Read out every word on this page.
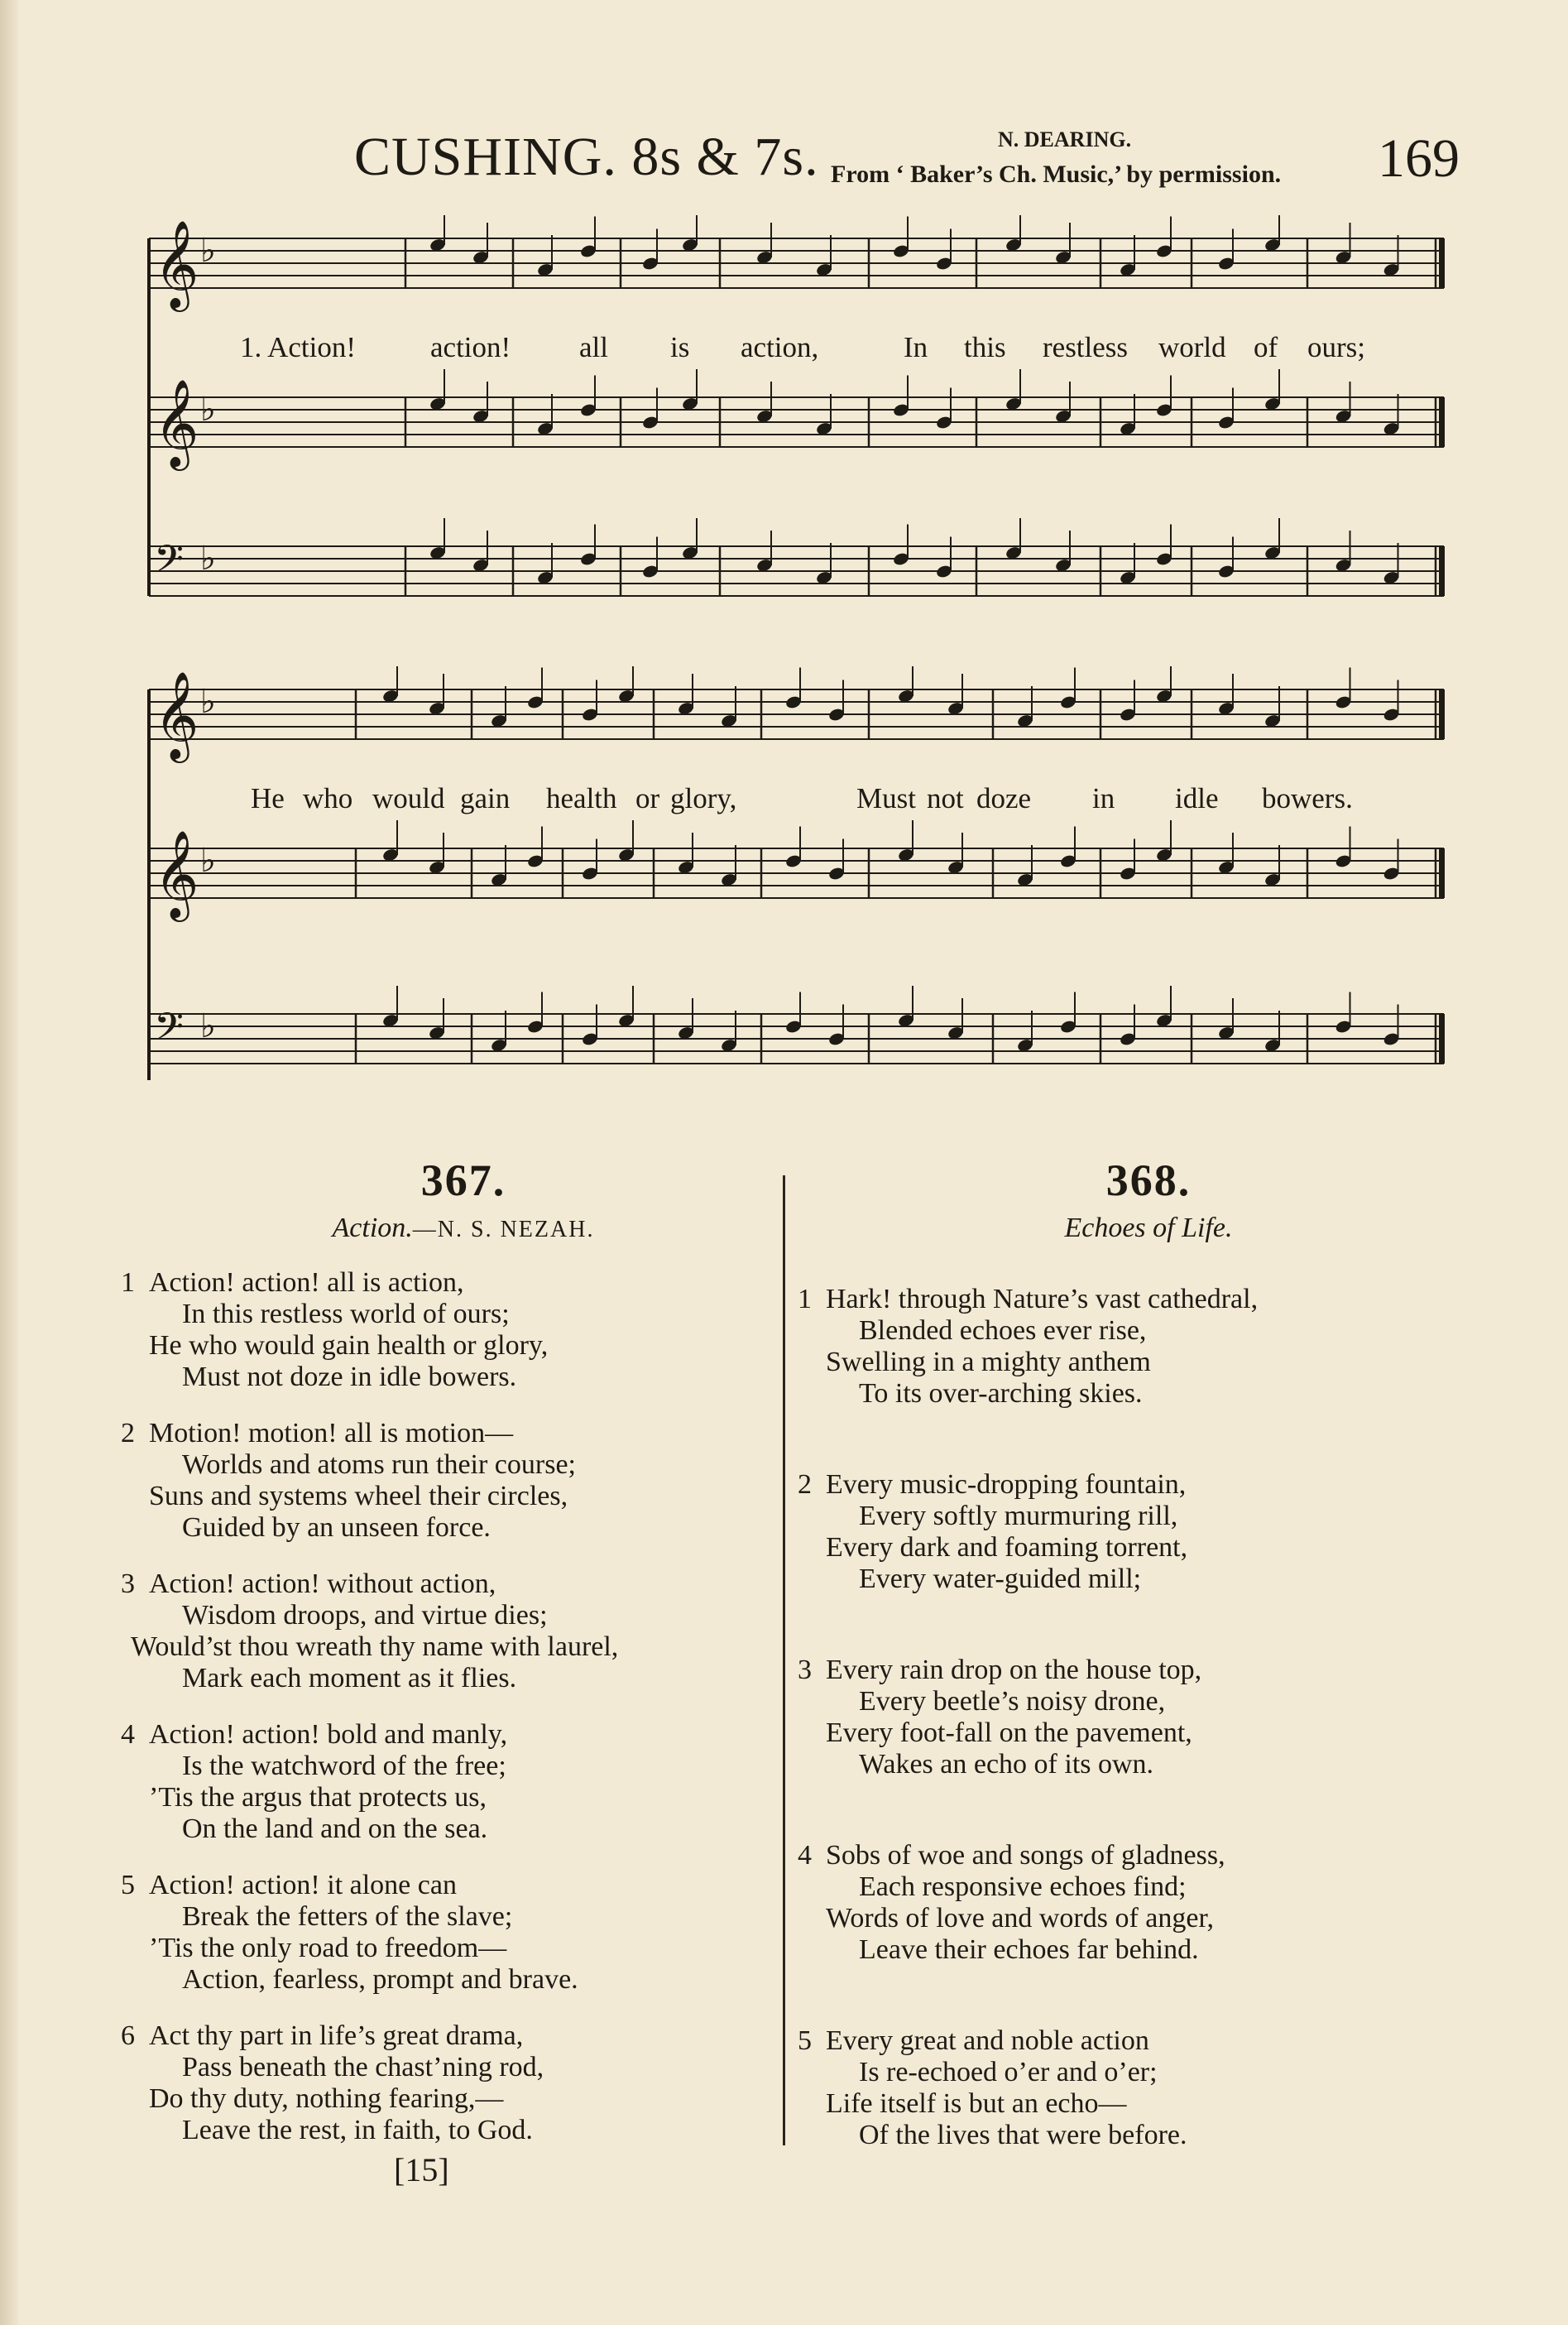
CUSHING. 8s & 7s.	N. DEARING.
From ‘ Baker’s Ch. Music,’ by permission. 169
𝄞 ♭
𝄞 ♭
𝄢 ♭
1. Action!	action! all is action,	In this restless world of ours;
𝄞 ♭
𝄞 ♭
𝄢 ♭
He who would gain health or glory,	Must not doze in idle bowers.
367.
Action.—N. S. NEZAH.
1 Action! action! all is action,
In this restless world of ours;
He who would gain health or glory,
Must not doze in idle bowers.
2 Motion! motion! all is motion—
Worlds and atoms run their course;
Suns and systems wheel their circles,
Guided by an unseen force.
3 Action! action! without action,
Wisdom droops, and virtue dies;
Would’st thou wreath thy name with laurel,
Mark each moment as it flies.
4 Action! action! bold and manly,
Is the watchword of the free;
’Tis the argus that protects us,
On the land and on the sea.
5 Action! action! it alone can
Break the fetters of the slave;
’Tis the only road to freedom—
Action, fearless, prompt and brave.
6 Act thy part in life’s great drama,
Pass beneath the chast’ning rod,
Do thy duty, nothing fearing,—
Leave the rest, in faith, to God.
368.
Echoes of Life.
1 Hark! through Nature’s vast cathedral,
Blended echoes ever rise,
Swelling in a mighty anthem
To its over-arching skies.
2 Every music-dropping fountain,
Every softly murmuring rill,
Every dark and foaming torrent,
Every water-guided mill;
3 Every rain drop on the house top,
Every beetle’s noisy drone,
Every foot-fall on the pavement,
Wakes an echo of its own.
4 Sobs of woe and songs of gladness,
Each responsive echoes find;
Words of love and words of anger,
Leave their echoes far behind.
5 Every great and noble action
Is re-echoed o’er and o’er;
Life itself is but an echo—
Of the lives that were before.
[15]
